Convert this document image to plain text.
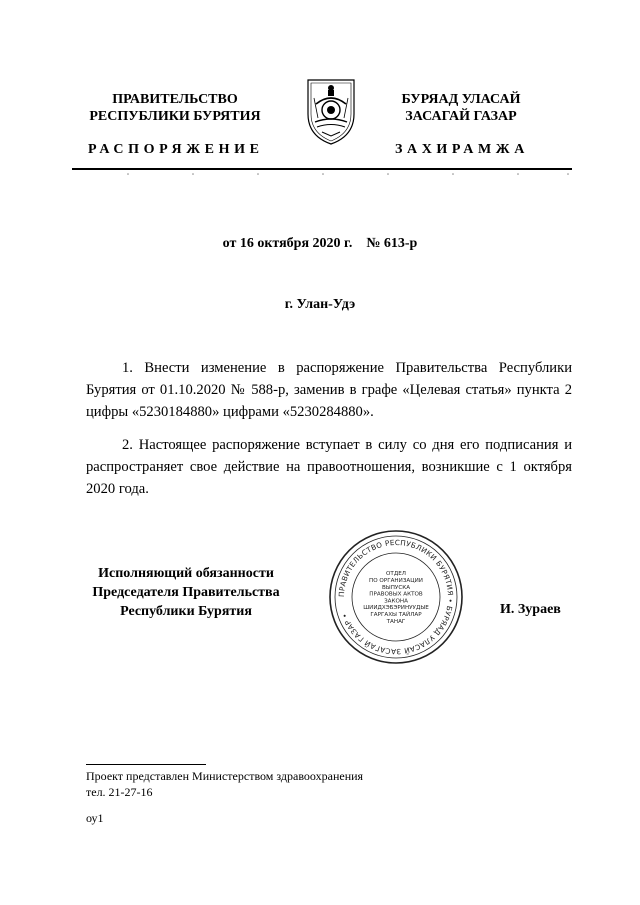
ПРАВИТЕЛЬСТВО
РЕСПУБЛИКИ БУРЯТИЯ
РАСПОРЯЖЕНИЕ
БУРЯАД УЛАСАЙ
ЗАСАГАЙ ГАЗАР
ЗАХИРАМЖА
от 16 октября 2020 г.    № 613-р
г. Улан-Удэ
1. Внести изменение в распоряжение Правительства Республики Бурятия от 01.10.2020 № 588-р, заменив в графе «Целевая статья» пункта 2 цифры «5230184880» цифрами «5230284880».
2. Настоящее распоряжение вступает в силу со дня его подписания и распространяет свое действие на правоотношения, возникшие с 1 октября 2020 года.
Исполняющий обязанности
Председателя Правительства
Республики Бурятия	И. Зураев
ПРАВИТЕЛЬСТВО РЕСПУБЛИКИ БУРЯТИЯ • БУРЯАД УЛАСАЙ ЗАСАГАЙ ГАЗАР •
ОТДЕЛ
ПО ОРГАНИЗАЦИИ
ВЫПУСКА
ПРАВОВЫХ АКТОВ
ЗАКОНА
ШИИДХЭБЭРИНУУДЫЕ
ГАРГАХЫ ТАЙЛАР
ТАНАГ
Проект представлен Министерством здравоохранения
тел. 21-27-16
оу1
